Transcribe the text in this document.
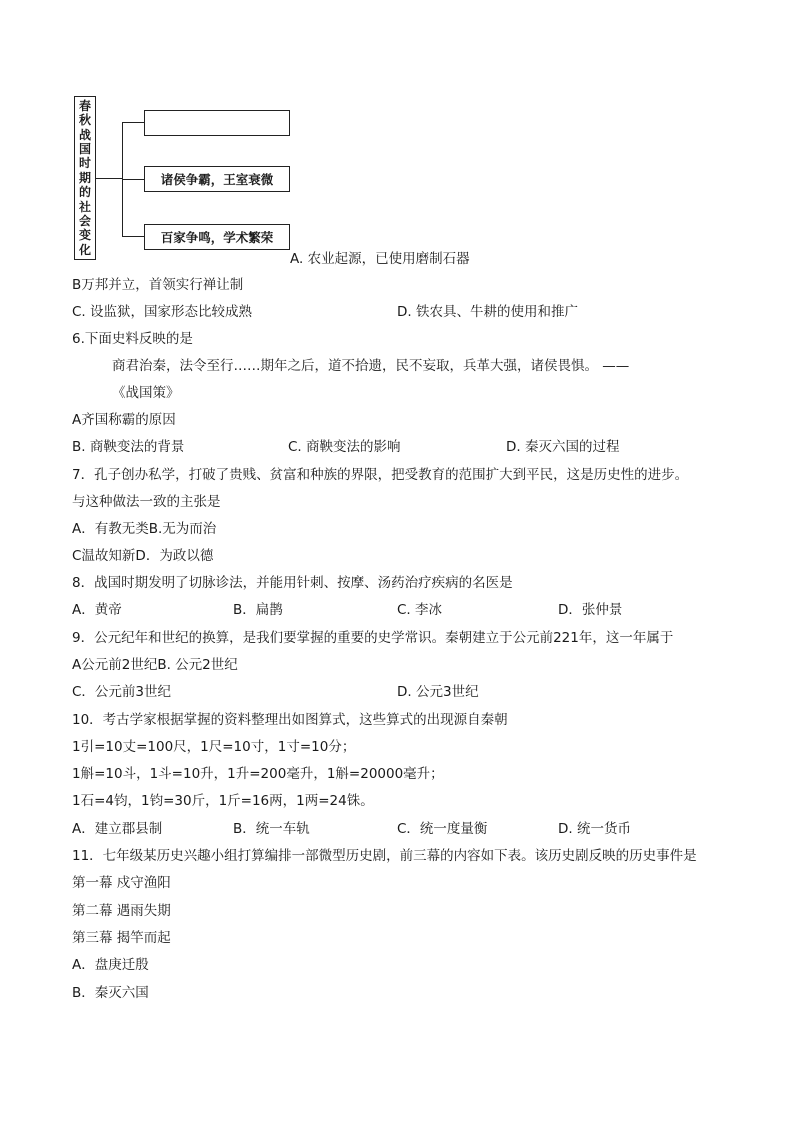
春
秋
战
国
时
期
的
社
会
变
化
诸侯争霸，王室衰微
百家争鸣，学术繁荣
A. 农业起源，已使用磨制石器
B万邦并立，首领实行禅让制
C. 设监狱，国家形态比较成熟	D. 铁农具、牛耕的使用和推广
6.下面史料反映的是
商君治秦，法令至行……期年之后，道不拾遗，民不妄取，兵革大强，诸侯畏惧。 ——
《战国策》
A齐国称霸的原因
B. 商鞅变法的背景	C. 商鞅变法的影响	D. 秦灭六国的过程
7．孔子创办私学，打破了贵贱、贫富和种族的界限，把受教育的范围扩大到平民，这是历史性的进步。
与这种做法一致的主张是
A．有教无类B.无为而治
C温故知新D．为政以德
8．战国时期发明了切脉诊法，并能用针刺、按摩、汤药治疗疾病的名医是
A．黄帝	B．扁鹊	C. 李冰	D．张仲景
9．公元纪年和世纪的换算，是我们要掌握的重要的史学常识。秦朝建立于公元前221年，这一年属于
A公元前2世纪B. 公元2世纪
C．公元前3世纪	D. 公元3世纪
10．考古学家根据掌握的资料整理出如图算式，这些算式的出现源自秦朝
1引=10丈=100尺，1尺=10寸，1寸=10分；
1斛=10斗，1斗=10升，1升=200毫升，1斛=20000毫升；
1石=4钧，1钧=30斤，1斤=16两，1两=24铢。
A．建立郡县制	B．统一车轨	C．统一度量衡	D. 统一货币
11．七年级某历史兴趣小组打算编排一部微型历史剧，前三幕的内容如下表。该历史剧反映的历史事件是
第一幕 戍守渔阳
第二幕 遇雨失期
第三幕 揭竿而起
A．盘庚迁殷
B．秦灭六国
